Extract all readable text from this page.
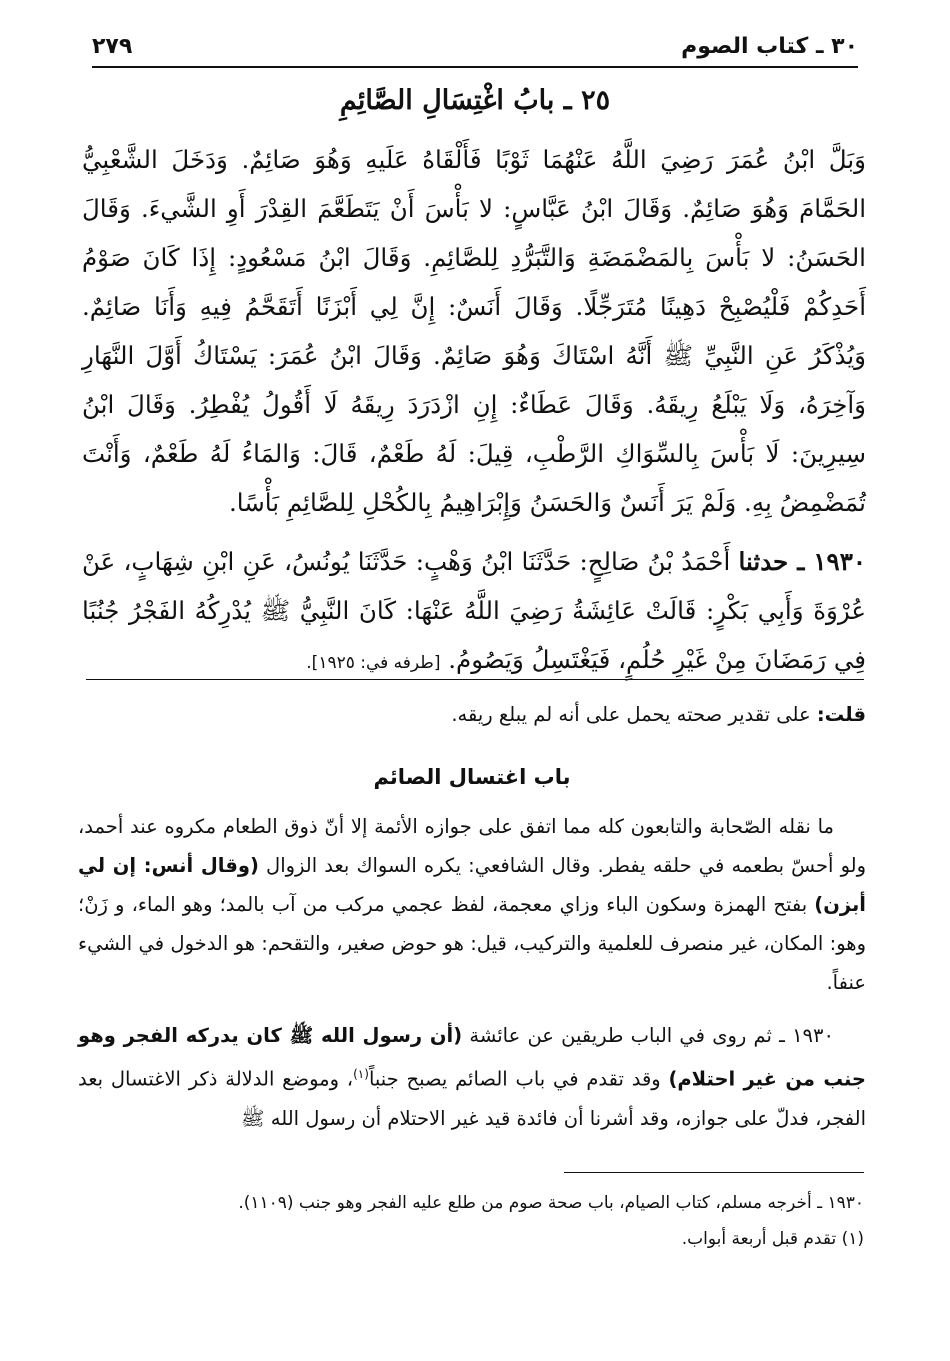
٣٠ ـ كتاب الصوم
٢٧٩
٢٥ ـ بابُ اغْتِسَالِ الصَّائِمِ

وَبَلَّ ابْنُ عُمَرَ رَضِيَ اللَّهُ عَنْهُمَا ثَوْبًا فَأَلْقَاهُ عَلَيهِ وَهُوَ صَائِمٌ. وَدَخَلَ الشَّعْبِيُّ الحَمَّامَ وَهُوَ صَائِمٌ. وَقَالَ ابْنُ عَبَّاسٍ: لا بَأْسَ أَنْ يَتَطَعَّمَ القِدْرَ أَوِ الشَّيءَ. وَقَالَ الحَسَنُ: لا بَأْسَ بِالمَضْمَضَةِ وَالتَّبَرُّدِ لِلصَّائِمِ. وَقَالَ ابْنُ مَسْعُودٍ: إِذَا كَانَ صَوْمُ أَحَدِكُمْ فَلْيُصْبِحْ دَهِينًا مُتَرَجِّلًا. وَقَالَ أَنَسٌ: إِنَّ لِي أَبْزَنًا أَتَقَحَّمُ فِيهِ وَأَنَا صَائِمٌ. وَيُذْكَرُ عَنِ النَّبِيِّ ﷺ أَنَّهُ اسْتَاكَ وَهُوَ صَائِمٌ. وَقَالَ ابْنُ عُمَرَ: يَسْتَاكُ أَوَّلَ النَّهَارِ وَآخِرَهُ، وَلَا يَبْلَعُ رِيقَهُ. وَقَالَ عَطَاءٌ: إِنِ ازْدَرَدَ رِيقَهُ لَا أَقُولُ يُفْطِرُ. وَقَالَ ابْنُ سِيرِينَ: لَا بَأْسَ بِالسِّوَاكِ الرَّطْبِ، قِيلَ: لَهُ طَعْمٌ، قَالَ: وَالمَاءُ لَهُ طَعْمٌ، وَأَنْتَ تُمَضْمِضُ بِهِ. وَلَمْ يَرَ أَنَسٌ وَالحَسَنُ وَإِبْرَاهِيمُ بِالكُحْلِ لِلصَّائِمِ بَأْسًا.

١٩٣٠ ـ حدثنا أَحْمَدُ بْنُ صَالِحٍ: حَدَّثَنَا ابْنُ وَهْبٍ: حَدَّثَنَا يُونُسُ، عَنِ ابْنِ شِهَابٍ، عَنْ عُرْوَةَ وَأَبِي بَكْرٍ: قَالَتْ عَائِشَةُ رَضِيَ اللَّهُ عَنْهَا: كَانَ النَّبِيُّ ﷺ يُدْرِكُهُ الفَجْرُ جُنُبًا فِي رَمَضَانَ مِنْ غَيْرِ حُلُمٍ، فَيَغْتَسِلُ وَيَصُومُ. [طرفه في: ١٩٢٥].

قلت: على تقدير صحته يحمل على أنه لم يبلع ريقه.

باب اغتسال الصائم

ما نقله الصّحابة والتابعون كله مما اتفق على جوازه الأئمة إلا أنّ ذوق الطعام مكروه عند أحمد، ولو أحسّ بطعمه في حلقه يفطر. وقال الشافعي: يكره السواك بعد الزوال (وقال أنس: إن لي أبزن) بفتح الهمزة وسكون الباء وزاي معجمة، لفظ عجمي مركب من آب بالمد؛ وهو الماء، و زَنْ؛ وهو: المكان، غير منصرف للعلمية والتركيب، قيل: هو حوض صغير، والتقحم: هو الدخول في الشيء عنفاً.

١٩٣٠ ـ ثم روى في الباب طريقين عن عائشة (أن رسول الله ﷺ كان يدركه الفجر وهو جنب من غير احتلام) وقد تقدم في باب الصائم يصبح جنباً$^{(١)}$، وموضع الدلالة ذكر الاغتسال بعد الفجر، فدلّ على جوازه، وقد أشرنا أن فائدة قيد غير الاحتلام أن رسول الله ﷺ

١٩٣٠ ـ أخرجه مسلم، كتاب الصيام، باب صحة صوم من طلع عليه الفجر وهو جنب (١١٠٩).

(١) تقدم قبل أربعة أبواب.
